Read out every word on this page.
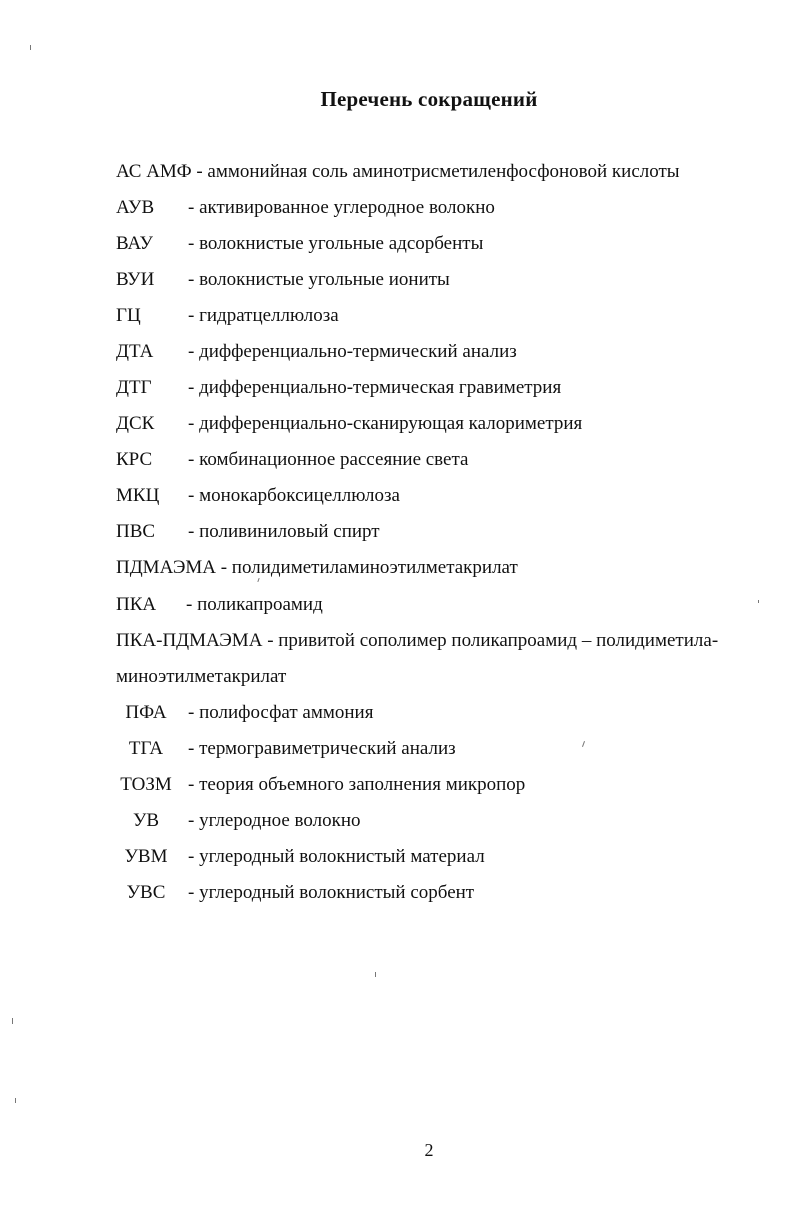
Перечень сокращений
АС АМФ - аммонийная соль аминотрисметиленфосфоновой кислоты
АУВ - активированное углеродное волокно
ВАУ - волокнистые угольные адсорбенты
ВУИ - волокнистые угольные иониты
ГЦ - гидратцеллюлоза
ДТА - дифференциально-термический анализ
ДТГ - дифференциально-термическая гравиметрия
ДСК - дифференциально-сканирующая калориметрия
КРС - комбинационное рассеяние света
МКЦ - монокарбоксицеллюлоза
ПВС - поливиниловый спирт
ПДМАЭМА - полидиметиламиноэтилметакрилат
ПКА - поликапроамид
ПКА-ПДМАЭМА - привитой сополимер поликапроамид – полидиметила-
миноэтилметакрилат
ПФА	- полифосфат аммония
ТГА	- термогравиметрический анализ
ТОЗМ - теория объемного заполнения микропор
УВ	- углеродное волокно
УВМ	- углеродный волокнистый материал
УВС	- углеродный волокнистый сорбент
2
